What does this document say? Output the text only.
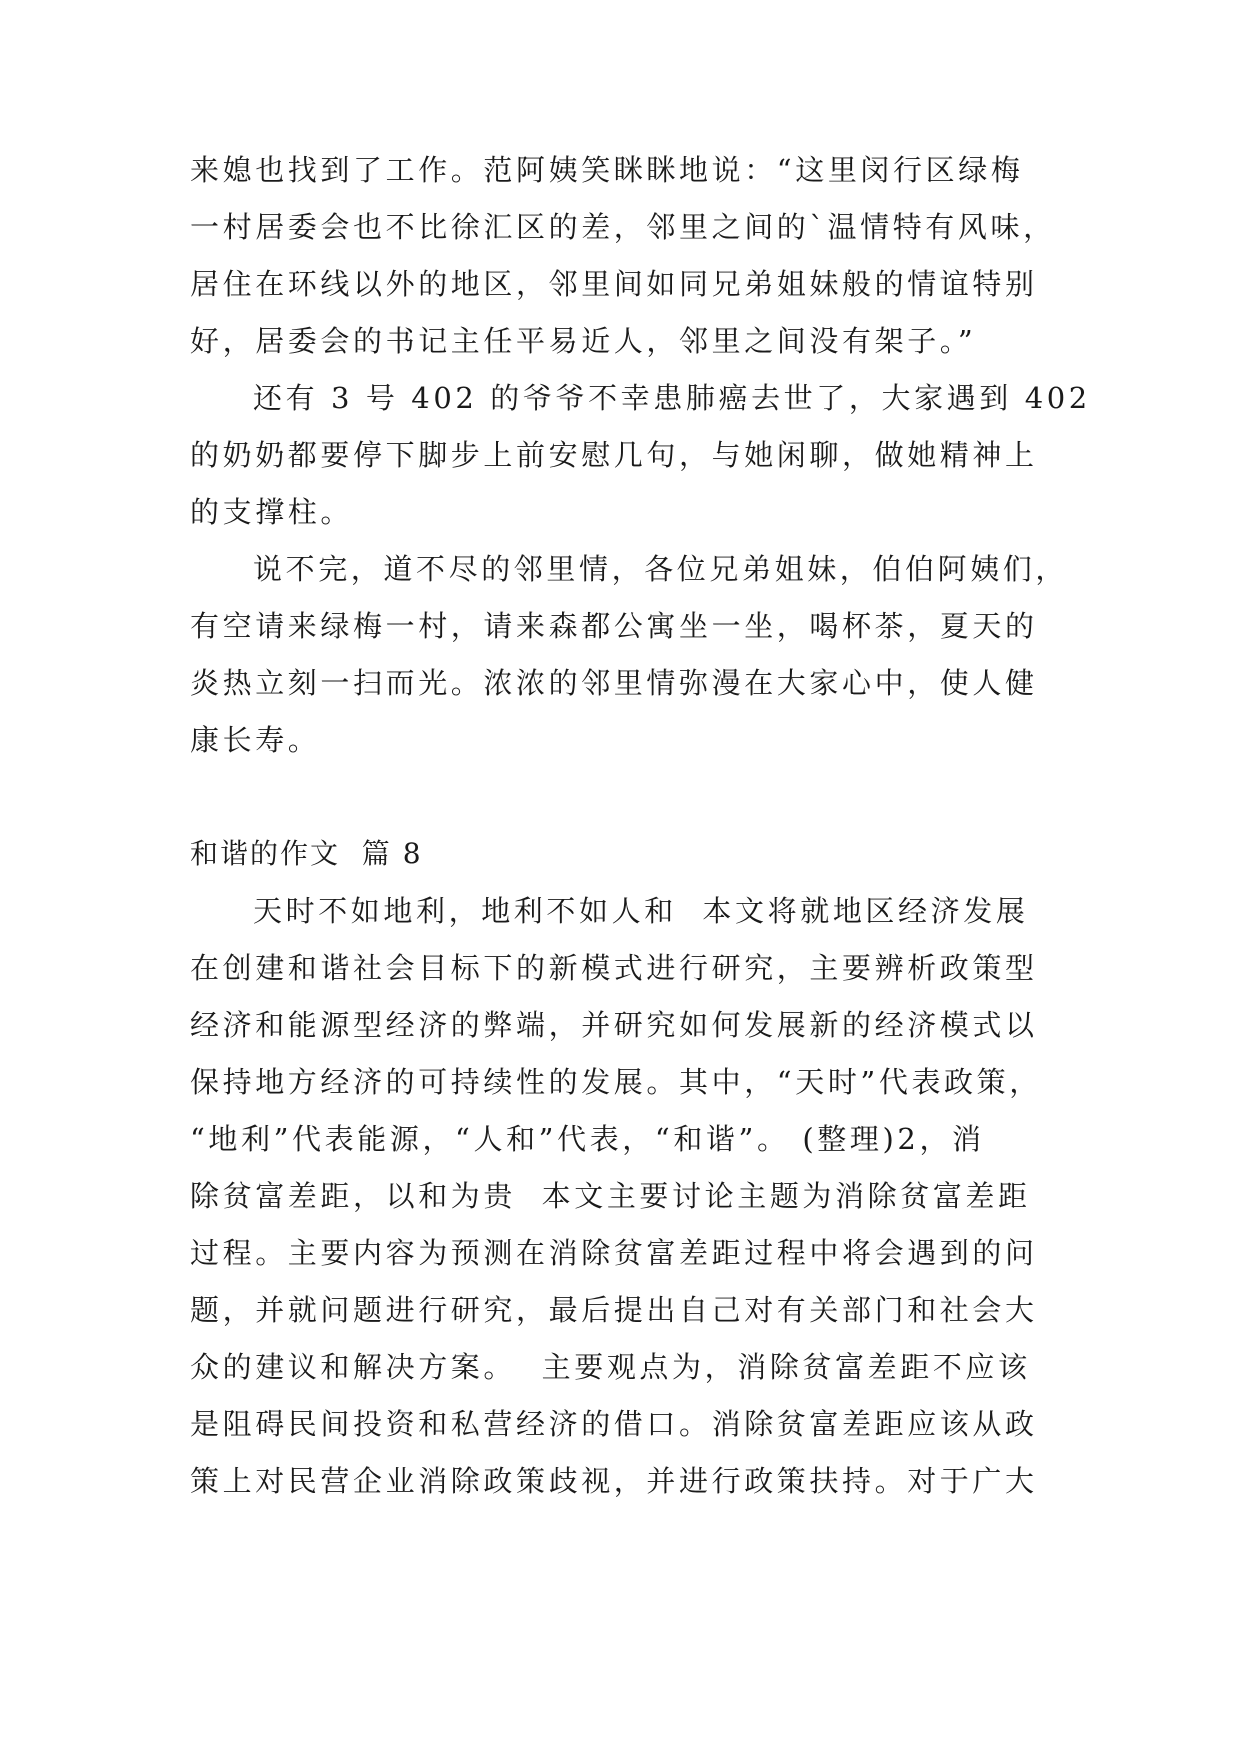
来媳也找到了工作。范阿姨笑眯眯地说：“这里闵行区绿梅
一村居委会也不比徐汇区的差，邻里之间的`温情特有风味，
居住在环线以外的地区，邻里间如同兄弟姐妹般的情谊特别
好，居委会的书记主任平易近人，邻里之间没有架子。”
还有 3 号 402 的爷爷不幸患肺癌去世了，大家遇到 402
的奶奶都要停下脚步上前安慰几句，与她闲聊，做她精神上
的支撑柱。
说不完，道不尽的邻里情，各位兄弟姐妹，伯伯阿姨们，
有空请来绿梅一村，请来森都公寓坐一坐，喝杯茶，夏天的
炎热立刻一扫而光。浓浓的邻里情弥漫在大家心中，使人健
康长寿。
和谐的作文  篇 8
天时不如地利，地利不如人和  本文将就地区经济发展
在创建和谐社会目标下的新模式进行研究，主要辨析政策型
经济和能源型经济的弊端，并研究如何发展新的经济模式以
保持地方经济的可持续性的发展。其中，“天时”代表政策，
“地利”代表能源，“人和”代表，“和谐”。 (整理)2，消
除贫富差距，以和为贵  本文主要讨论主题为消除贫富差距
过程。主要内容为预测在消除贫富差距过程中将会遇到的问
题，并就问题进行研究，最后提出自己对有关部门和社会大
众的建议和解决方案。  主要观点为，消除贫富差距不应该
是阻碍民间投资和私营经济的借口。消除贫富差距应该从政
策上对民营企业消除政策歧视，并进行政策扶持。对于广大
